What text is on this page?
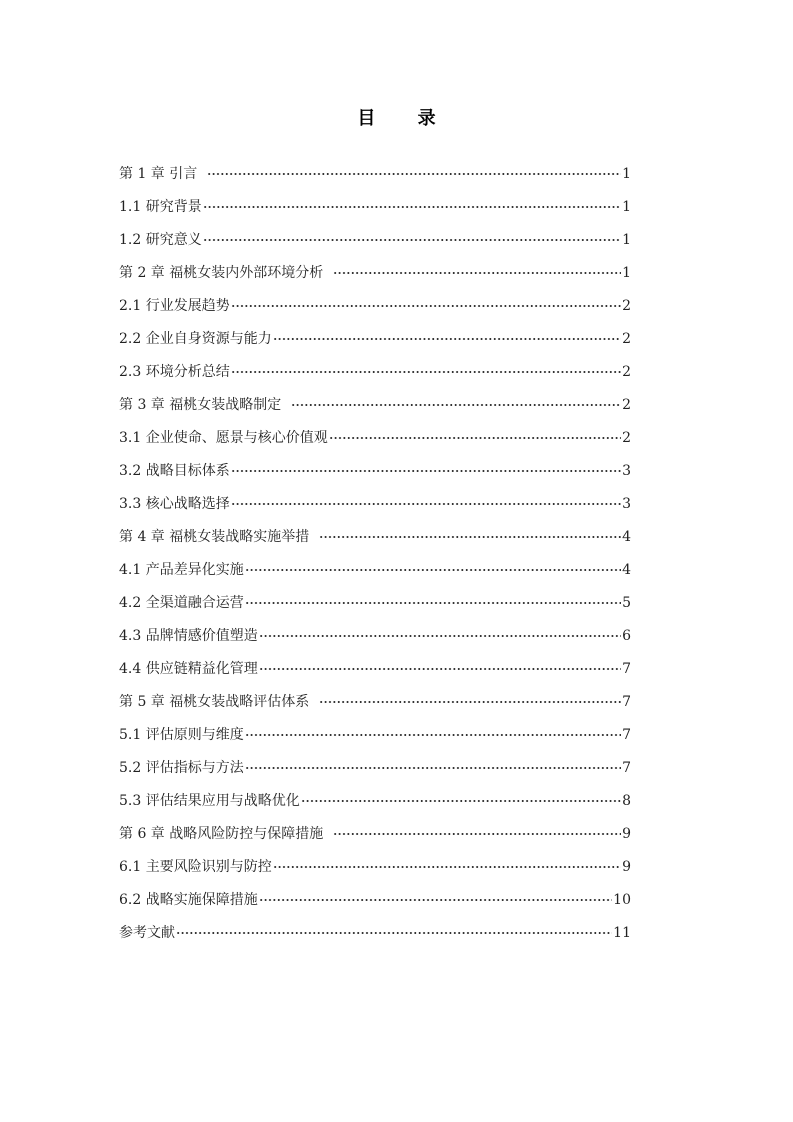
目 录
第 1 章 引言	1
1.1 研究背景	1
1.2 研究意义	1
第 2 章 福桃女装内外部环境分析	1
2.1 行业发展趋势	2
2.2 企业自身资源与能力	2
2.3 环境分析总结	2
第 3 章 福桃女装战略制定	2
3.1 企业使命、愿景与核心价值观	2
3.2 战略目标体系	3
3.3 核心战略选择	3
第 4 章 福桃女装战略实施举措	4
4.1 产品差异化实施	4
4.2 全渠道融合运营	5
4.3 品牌情感价值塑造	6
4.4 供应链精益化管理	7
第 5 章 福桃女装战略评估体系	7
5.1 评估原则与维度	7
5.2 评估指标与方法	7
5.3 评估结果应用与战略优化	8
第 6 章 战略风险防控与保障措施	9
6.1 主要风险识别与防控	9
6.2 战略实施保障措施	10
参考文献	11
